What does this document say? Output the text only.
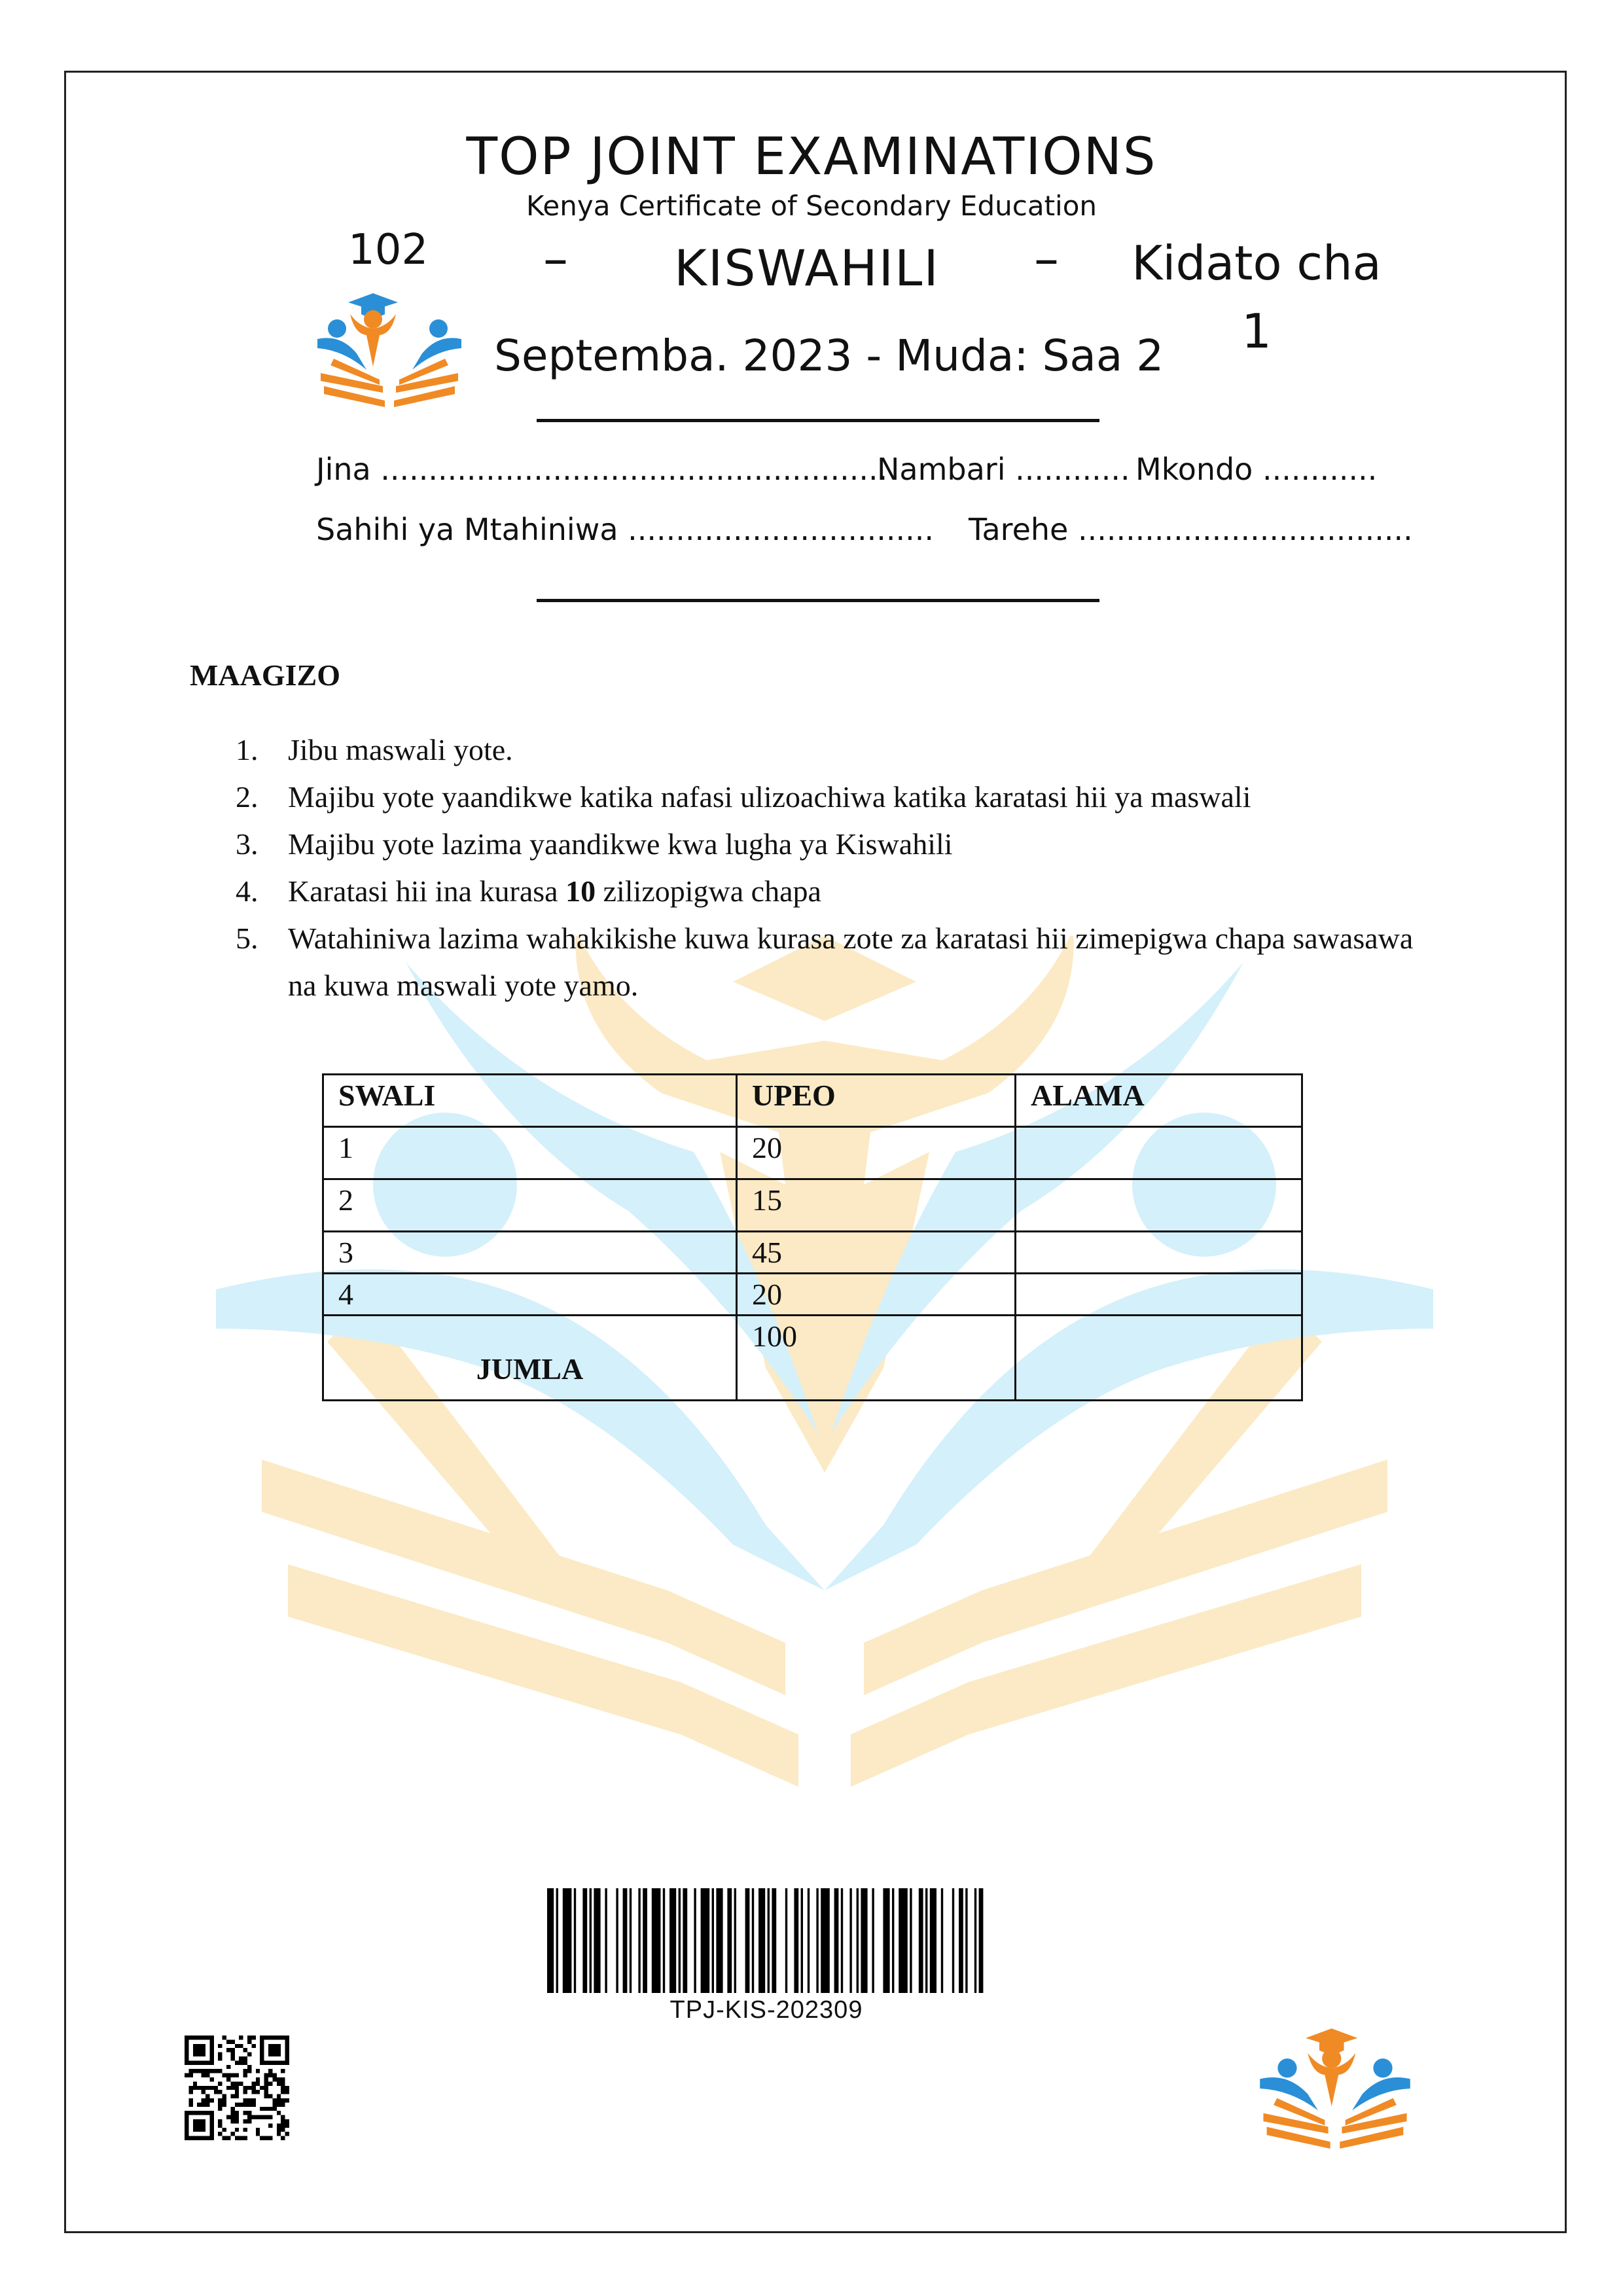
TOP JOINT EXAMINATIONS
Kenya Certificate of Secondary Education
102 – KISWAHILI –	Kidato cha
1
Septemba. 2023 - Muda: Saa 2
Jina .....................................................
Nambari ............ Mkondo ............
Sahihi ya Mtahiniwa ................................ Tarehe ...................................
MAAGIZO
1. Jibu maswali yote.
2. Majibu yote yaandikwe katika nafasi ulizoachiwa katika karatasi hii ya maswali
3. Majibu yote lazima yaandikwe kwa lugha ya Kiswahili
4. Karatasi hii ina kurasa 10 zilizopigwa chapa
5. Watahiniwa lazima wahakikishe kuwa kurasa zote za karatasi hii zimepigwa chapa sawasawa na kuwa maswali yote yamo.
SWALI	UPEO	ALAMA
1	20	
2	15	
3	45	
4	20	
JUMLA	100	
TPJ-KIS-202309
